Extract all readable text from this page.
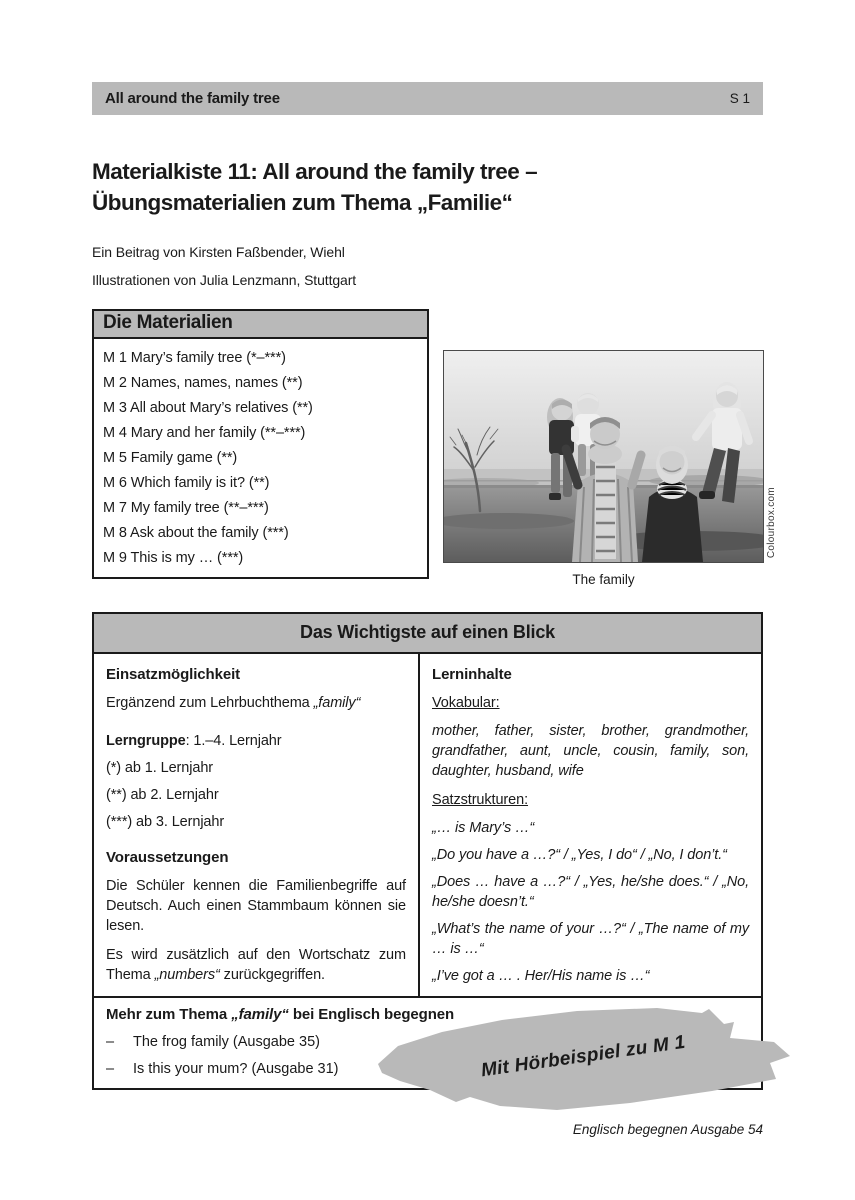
All around the family tree	S 1
Materialkiste 11: All around the family tree –
Übungsmaterialien zum Thema „Familie“
Ein Beitrag von Kirsten Faßbender, Wiehl
Illustrationen von Julia Lenzmann, Stuttgart
Die Materialien
M 1 Mary’s family tree (*–***)
M 2 Names, names, names (**)
M 3 All about Mary’s relatives (**)
M 4 Mary and her family (**–***)
M 5 Family game (**)
M 6 Which family is it? (**)
M 7 My family tree (**–***)
M 8 Ask about the family (***)
M 9 This is my … (***)
The family
Colourbox.com
Das Wichtigste auf einen Blick

Einsatzmöglichkeit

Ergänzend zum Lehrbuchthema „family“

Lerngruppe: 1.–4. Lernjahr

(*) ab 1. Lernjahr

(**) ab 2. Lernjahr

(***) ab 3. Lernjahr

Voraussetzungen

Die Schüler kennen die Familienbegriffe auf Deutsch. Auch einen Stammbaum können sie lesen.

Es wird zusätzlich auf den Wortschatz zum Thema „numbers“ zurückgegriffen.

Lerninhalte

Vokabular:

mother, father, sister, brother, grandmother, grandfather, aunt, uncle, cousin, family, son, daughter, husband, wife

Satzstrukturen:

„… is Mary’s …“

„Do you have a …?“ / „Yes, I do“ / „No, I don’t.“

„Does … have a …?“ / „Yes, he/she does.“ / „No, he/she doesn’t.“

„What’s the name of your …?“ / „The name of my … is …“

„I’ve got a … . Her/His name is …“

Mehr zum Thema „family“ bei Englisch begegnen

–	The frog family (Ausgabe 35)
–	Is this your mum? (Ausgabe 31)	Mit Hörbeispiel zu M 1
Englisch begegnen Ausgabe 54
